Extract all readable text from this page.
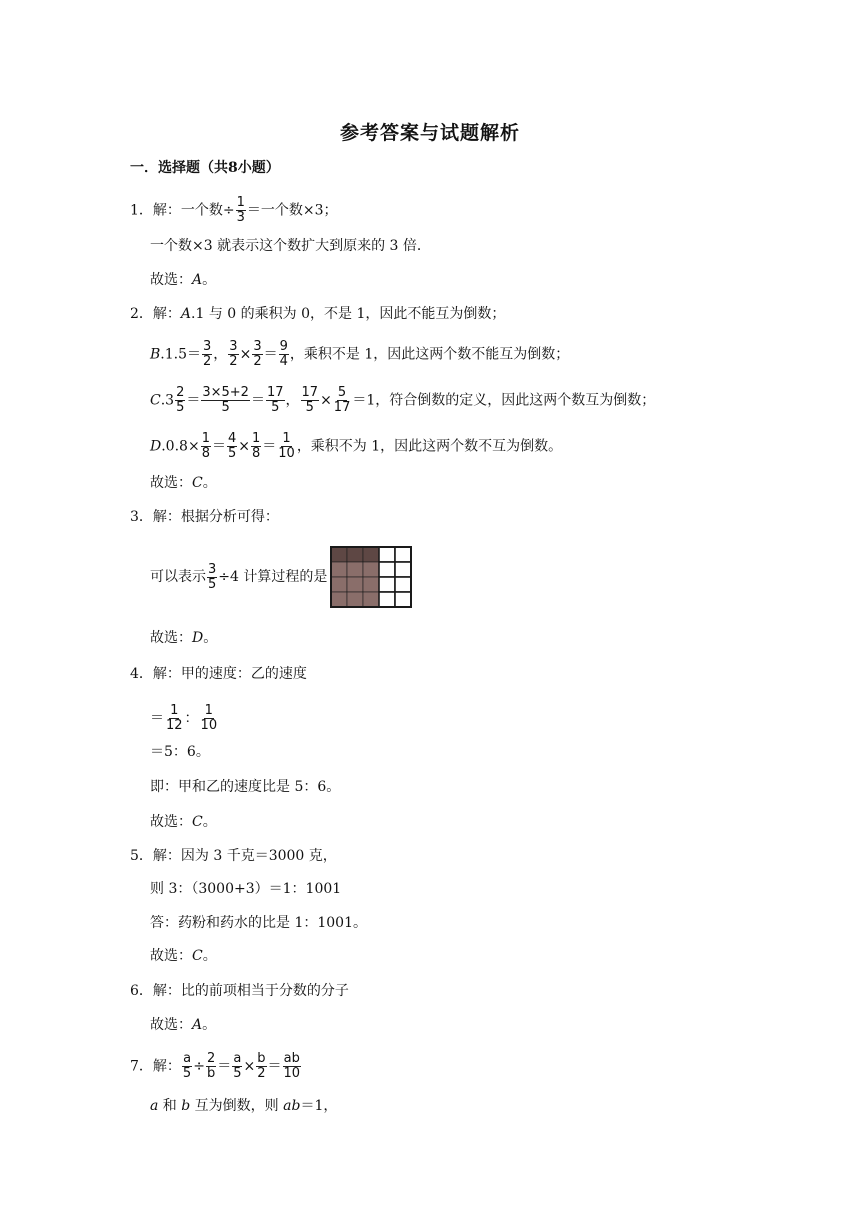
参考答案与试题解析
一．选择题（共8小题）
1．解：一个数÷ $\frac{1}{3}$ ＝一个数×3；
一个数×3 就表示这个数扩大到原来的 3 倍．
故选：A。
2．解：A.1 与 0 的乘积为 0，不是 1，因此不能互为倒数；
$B.1.5= \frac{3}{2}$ ， $\frac{3}{2} \times \frac{3}{2} = \frac{9}{4}$ ，乘积不是 1，因此这两个数不能互为倒数；
$C.3 \frac{2}{5} = \frac{3\times 5+2}{5} = \frac{17}{5}$ ， $\frac{17}{5} \times \frac{5}{17} =1$，符合倒数的定义，因此这两个数互为倒数；
$D.0.8\times \frac{1}{8} = \frac{4}{5} \times \frac{1}{8} = \frac{1}{10}$ ，乘积不为 1，因此这两个数不互为倒数。
故选：C。
3．解：根据分析可得：
可以表示 $\frac{3}{5} \div 4$ 计算过程的是
故选：D。
4．解：甲的速度：乙的速度
＝ $\frac{1}{12}$ ： $\frac{1}{10}$
＝5：6。
即：甲和乙的速度比是 5：6。
故选：C。
5．解：因为 3 千克＝3000 克，
则 3：（3000+3）＝1：1001
答：药粉和药水的比是 1：1001。
故选：C。
6．解：比的前项相当于分数的分子
故选：A。
7．解： $\frac{a}{5} \div \frac{2}{b} = \frac{a}{5} \times \frac{b}{2} = \frac{ab}{10}$
a 和 b 互为倒数，则 ab＝1，
